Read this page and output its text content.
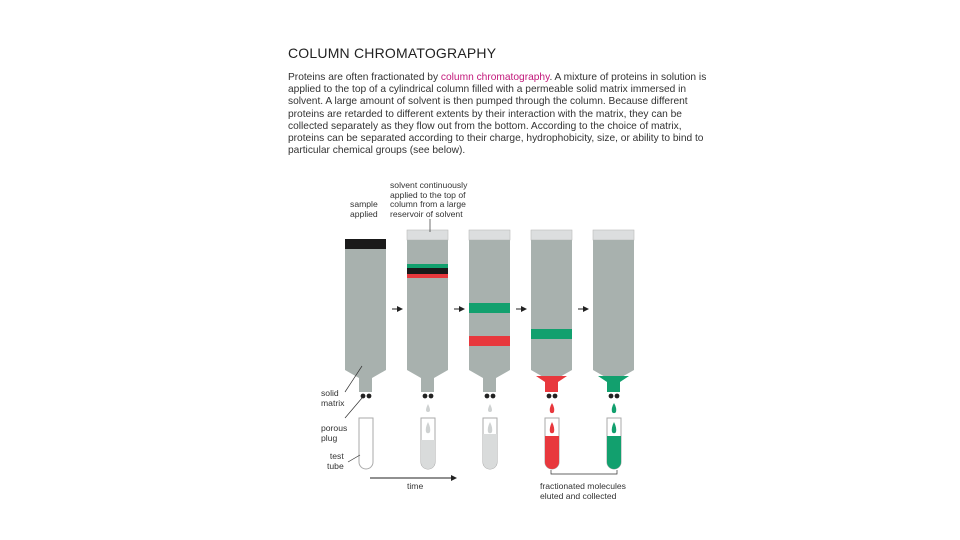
COLUMN CHROMATOGRAPHY
Proteins are often fractionated by column chromatography. A mixture of proteins in solution is applied to the top of a cylindrical column filled with a permeable solid matrix immersed in solvent. A large amount of solvent is then pumped through the column. Because different proteins are retarded to different extents by their interaction with the matrix, they can be collected separately as they flow out from the bottom. According to the choice of matrix, proteins can be separated according to their charge, hydrophobicity, size, or ability to bind to particular chemical groups (see below).
sample
applied
solvent continuously
applied to the top of
column from a large
reservoir of solvent
solid
matrix
porous
plug
test
tube
time	fractionated molecules
eluted and collected
